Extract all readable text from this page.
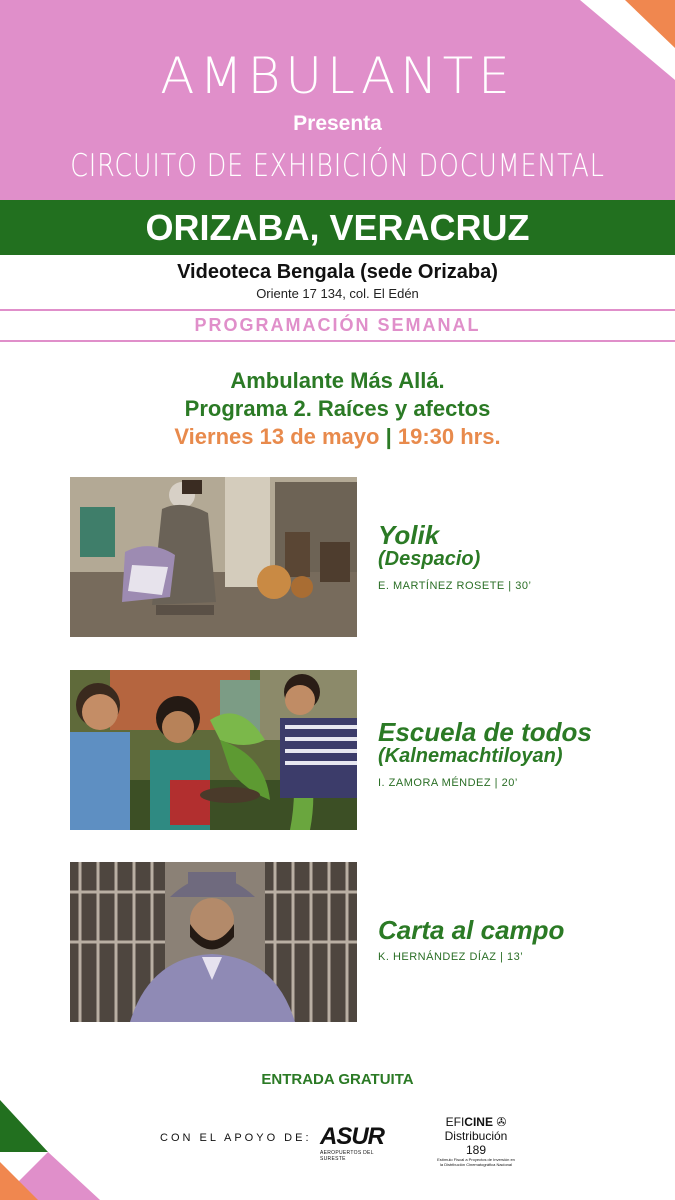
AMBULANTE
Presenta
CIRCUITO DE EXHIBICIÓN DOCUMENTAL
ORIZABA, VERACRUZ
Videoteca Bengala (sede Orizaba)
Oriente 17 134, col. El Edén
PROGRAMACIÓN SEMANAL
Ambulante Más Allá.
Programa 2. Raíces y afectos
Viernes 13 de mayo | 19:30 hrs.
Yolik
(Despacio)
E. MARTÍNEZ ROSETE | 30’
Escuela de todos
(Kalnemachtiloyan)
I. ZAMORA MÉNDEZ | 20’
Carta al campo
K. HERNÁNDEZ DÍAZ | 13’
ENTRADA GRATUITA
CON EL APOYO DE: ASUR
AEROPUERTOS DEL SURESTE
EFICINE ✇
Distribución
189
Estímulo Fiscal a Proyectos de Inversión en la Distribución Cinematográfica Nacional
